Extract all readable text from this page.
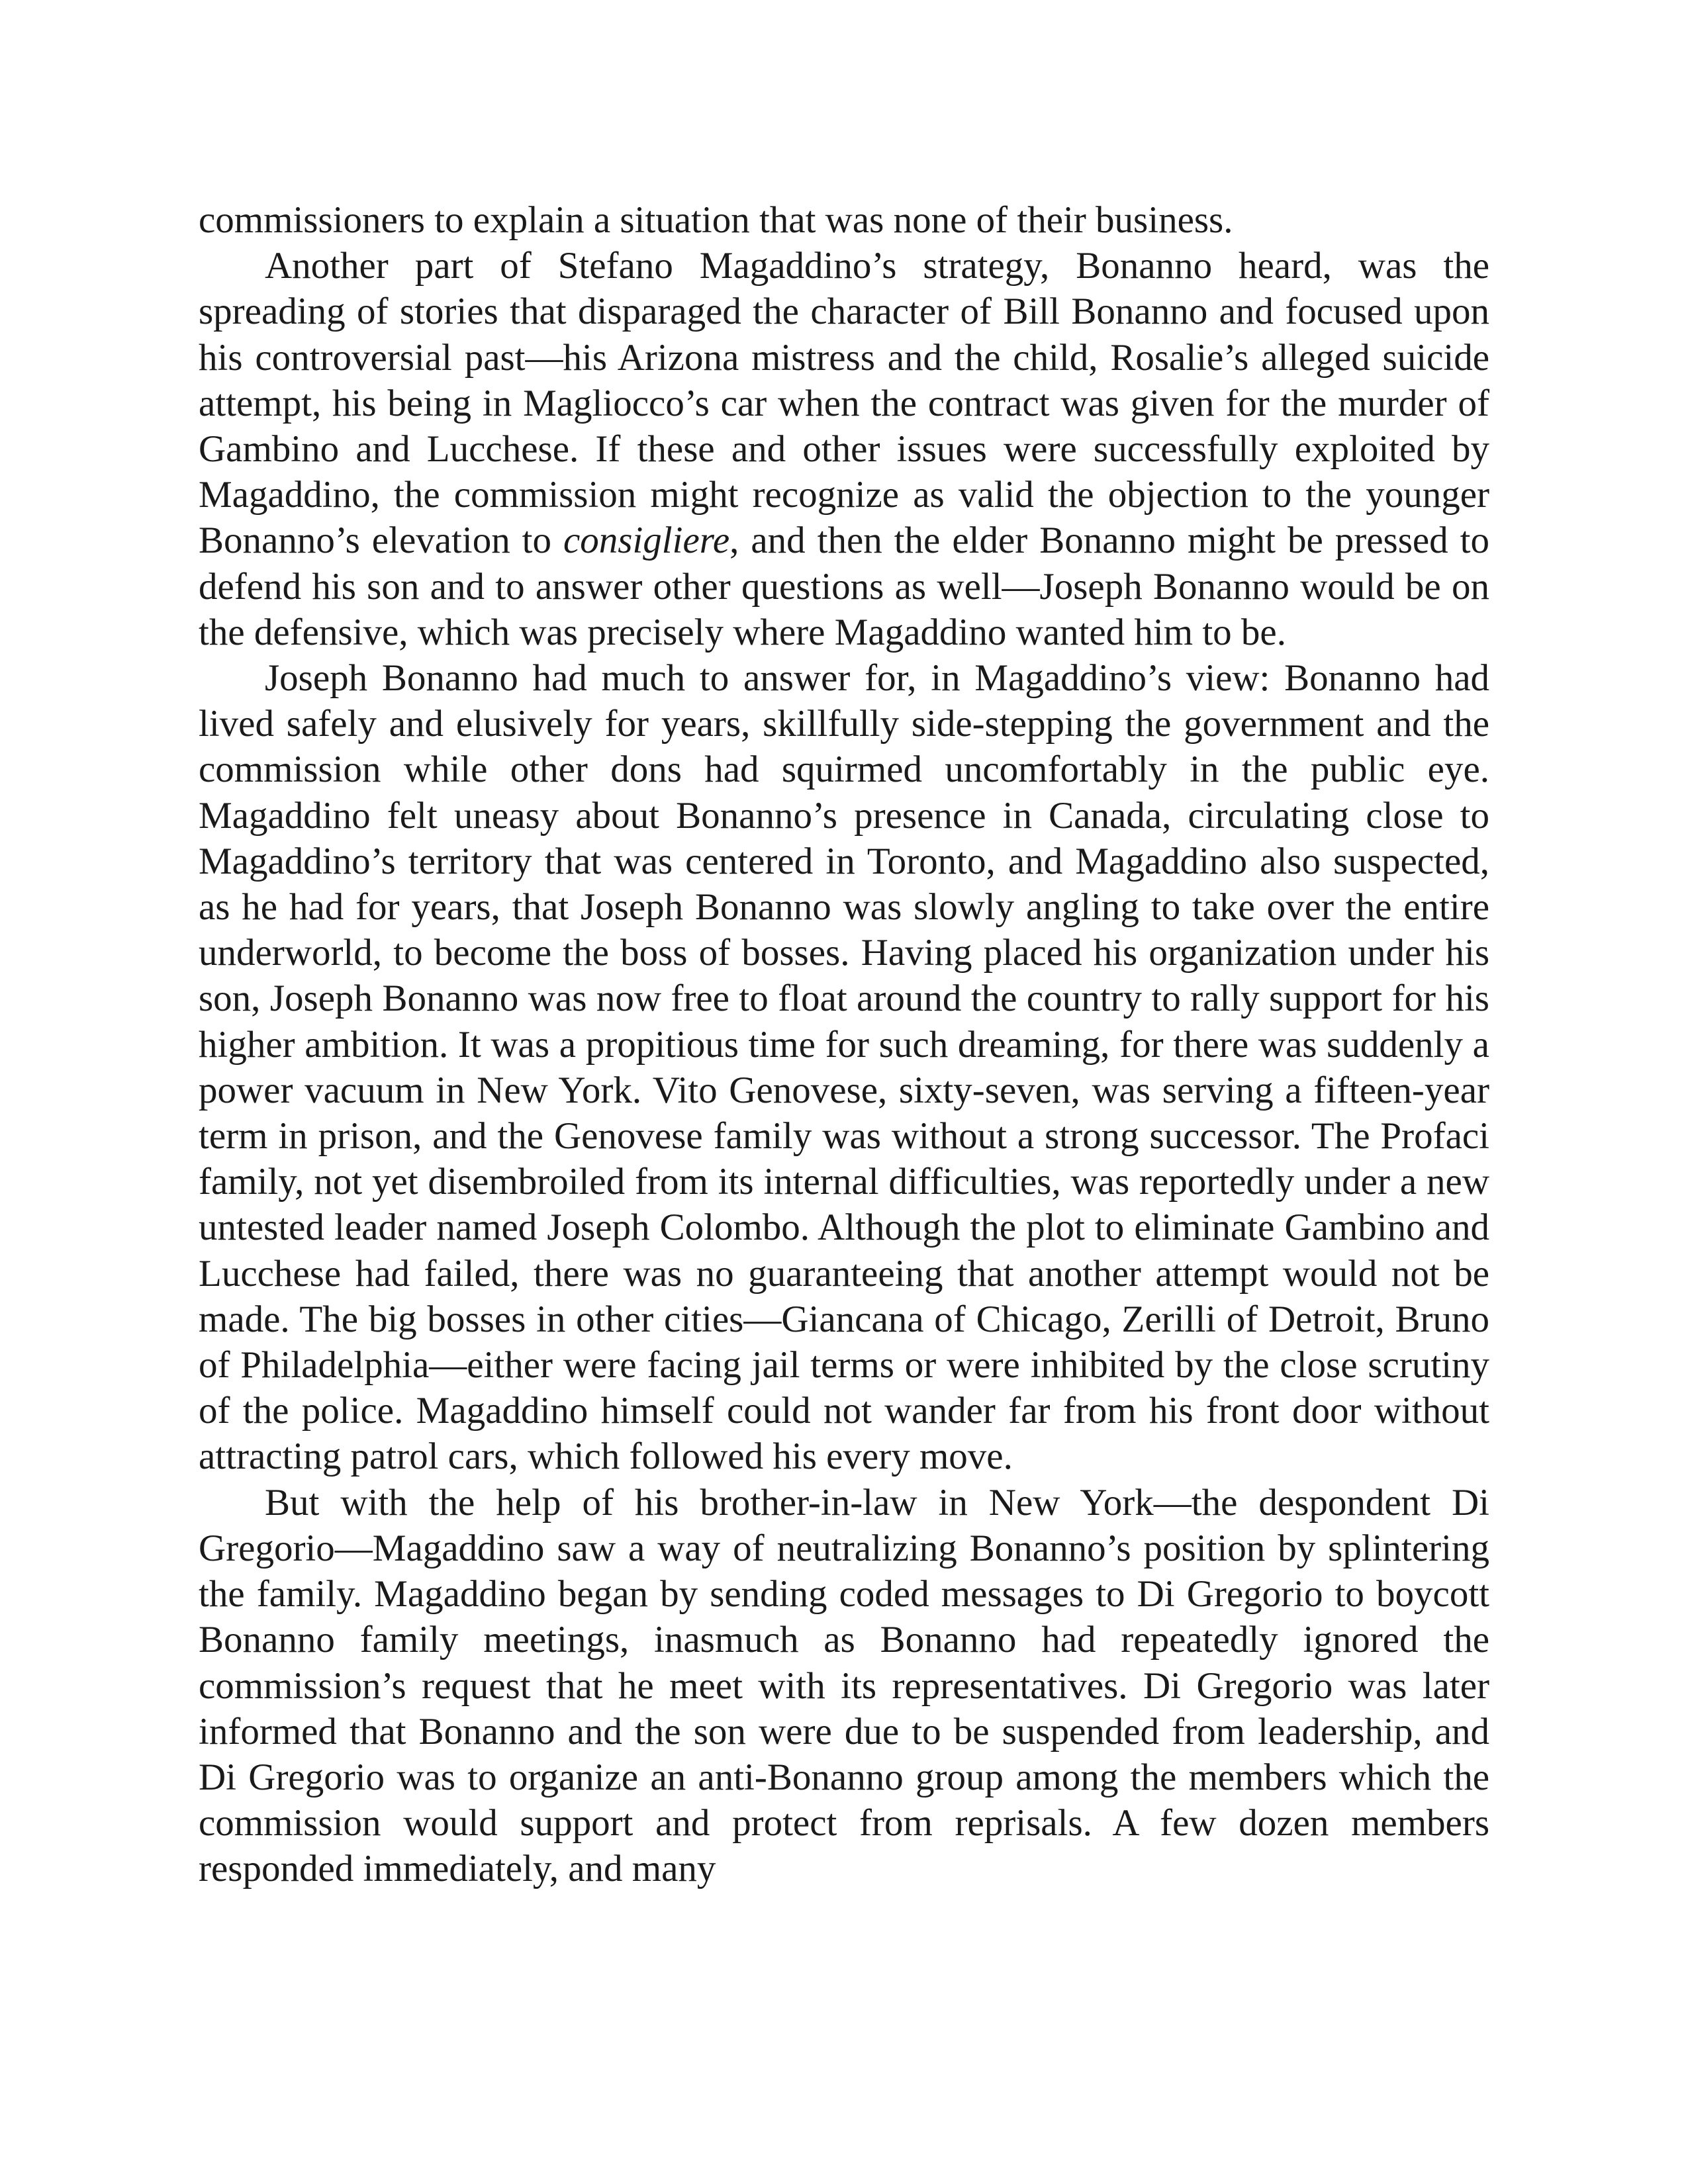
commissioners to explain a situation that was none of their business.

Another part of Stefano Magaddino’s strategy, Bonanno heard, was the spreading of stories that disparaged the character of Bill Bonanno and focused upon his controversial past—his Arizona mistress and the child, Rosalie’s alleged suicide attempt, his being in Magliocco’s car when the contract was given for the murder of Gambino and Lucchese. If these and other issues were successfully exploited by Magaddino, the commission might recognize as valid the objection to the younger Bonanno’s elevation to consigliere, and then the elder Bonanno might be pressed to defend his son and to answer other questions as well—Joseph Bonanno would be on the defensive, which was precisely where Magaddino wanted him to be.

Joseph Bonanno had much to answer for, in Magaddino’s view: Bonanno had lived safely and elusively for years, skillfully side-stepping the government and the commission while other dons had squirmed uncomfortably in the public eye. Magaddino felt uneasy about Bonanno’s presence in Canada, circulating close to Magaddino’s territory that was centered in Toronto, and Magaddino also suspected, as he had for years, that Joseph Bonanno was slowly angling to take over the entire underworld, to become the boss of bosses. Having placed his organization under his son, Joseph Bonanno was now free to float around the country to rally support for his higher ambition. It was a propitious time for such dreaming, for there was suddenly a power vacuum in New York. Vito Genovese, sixty-seven, was serving a fifteen-year term in prison, and the Genovese family was without a strong successor. The Profaci family, not yet disembroiled from its internal difficulties, was reportedly under a new untested leader named Joseph Colombo. Although the plot to eliminate Gambino and Lucchese had failed, there was no guaranteeing that another attempt would not be made. The big bosses in other cities—Giancana of Chicago, Zerilli of Detroit, Bruno of Philadelphia—either were facing jail terms or were inhibited by the close scrutiny of the police. Magaddino himself could not wander far from his front door without attracting patrol cars, which followed his every move.

But with the help of his brother-in-law in New York—the despondent Di Gregorio—Magaddino saw a way of neutralizing Bonanno’s position by splintering the family. Magaddino began by sending coded messages to Di Gregorio to boycott Bonanno family meetings, inasmuch as Bonanno had repeatedly ignored the commission’s request that he meet with its representatives. Di Gregorio was later informed that Bonanno and the son were due to be suspended from leadership, and Di Gregorio was to organize an anti-Bonanno group among the members which the commission would support and protect from reprisals. A few dozen members responded immediately, and many
